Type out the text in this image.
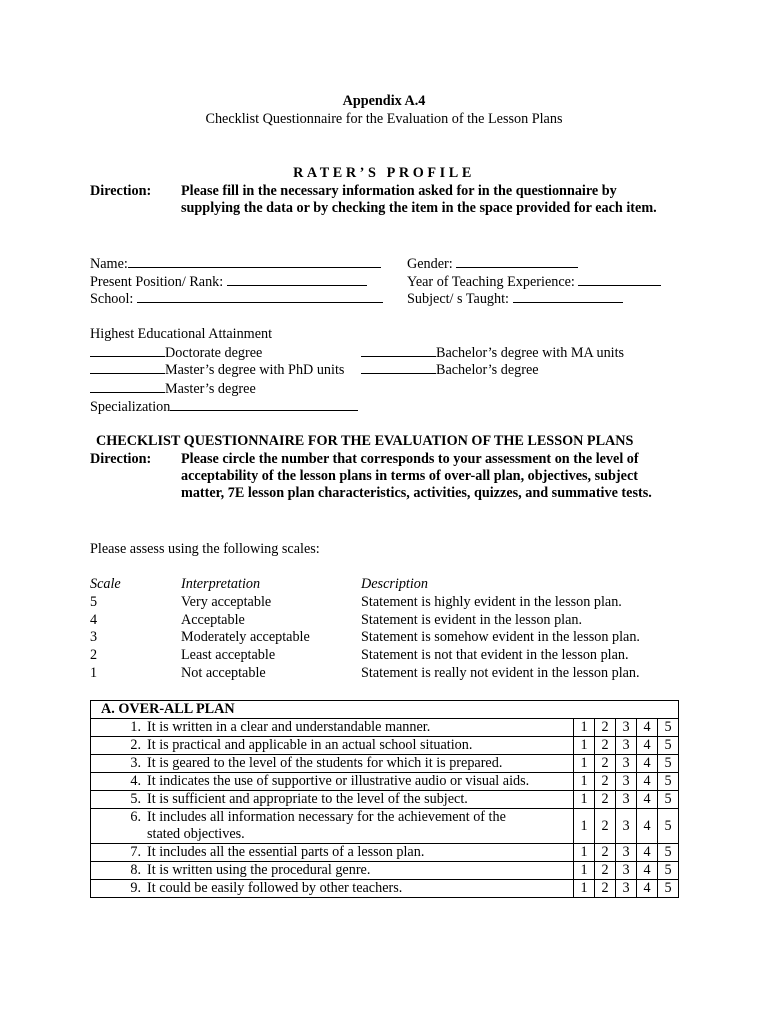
Appendix A.4
Checklist Questionnaire for the Evaluation of the Lesson Plans
RATER’S PROFILE
Direction: Please fill in the necessary information asked for in the questionnaire by supplying the data or by checking the item in the space provided for each item.
Name:
Present Position/ Rank:
School:
Gender:
Year of Teaching Experience:
Subject/ s Taught:
Highest Educational Attainment
Doctorate degree
Master’s degree with PhD units
Master’s degree
Bachelor’s degree with MA units
Bachelor’s degree
Specialization
CHECKLIST QUESTIONNAIRE FOR THE EVALUATION OF THE LESSON PLANS
Direction: Please circle the number that corresponds to your assessment on the level of acceptability of the lesson plans in terms of over-all plan, objectives, subject matter, 7E lesson plan characteristics, activities, quizzes, and summative tests.
Please assess using the following scales:
Scale	Interpretation	Description
5	Very acceptable	Statement is highly evident in the lesson plan.
4	Acceptable	Statement is evident in the lesson plan.
3	Moderately acceptable	Statement is somehow evident in the lesson plan.
2	Least acceptable	Statement is not that evident in the lesson plan.
1	Not acceptable	Statement is really not evident in the lesson plan.
A. OVER-ALL PLAN					
1. It is written in a clear and understandable manner.	1	2	3	4	5
2. It is practical and applicable in an actual school situation.	1	2	3	4	5
3. It is geared to the level of the students for which it is prepared.	1	2	3	4	5
4. It indicates the use of supportive or illustrative audio or visual aids.	1	2	3	4	5
5. It is sufficient and appropriate to the level of the subject.	1	2	3	4	5
6. It includes all information necessary for the achievement of the stated objectives.	1	2	3	4	5
7. It includes all the essential parts of a lesson plan.	1	2	3	4	5
8. It is written using the procedural genre.	1	2	3	4	5
9. It could be easily followed by other teachers.	1	2	3	4	5
